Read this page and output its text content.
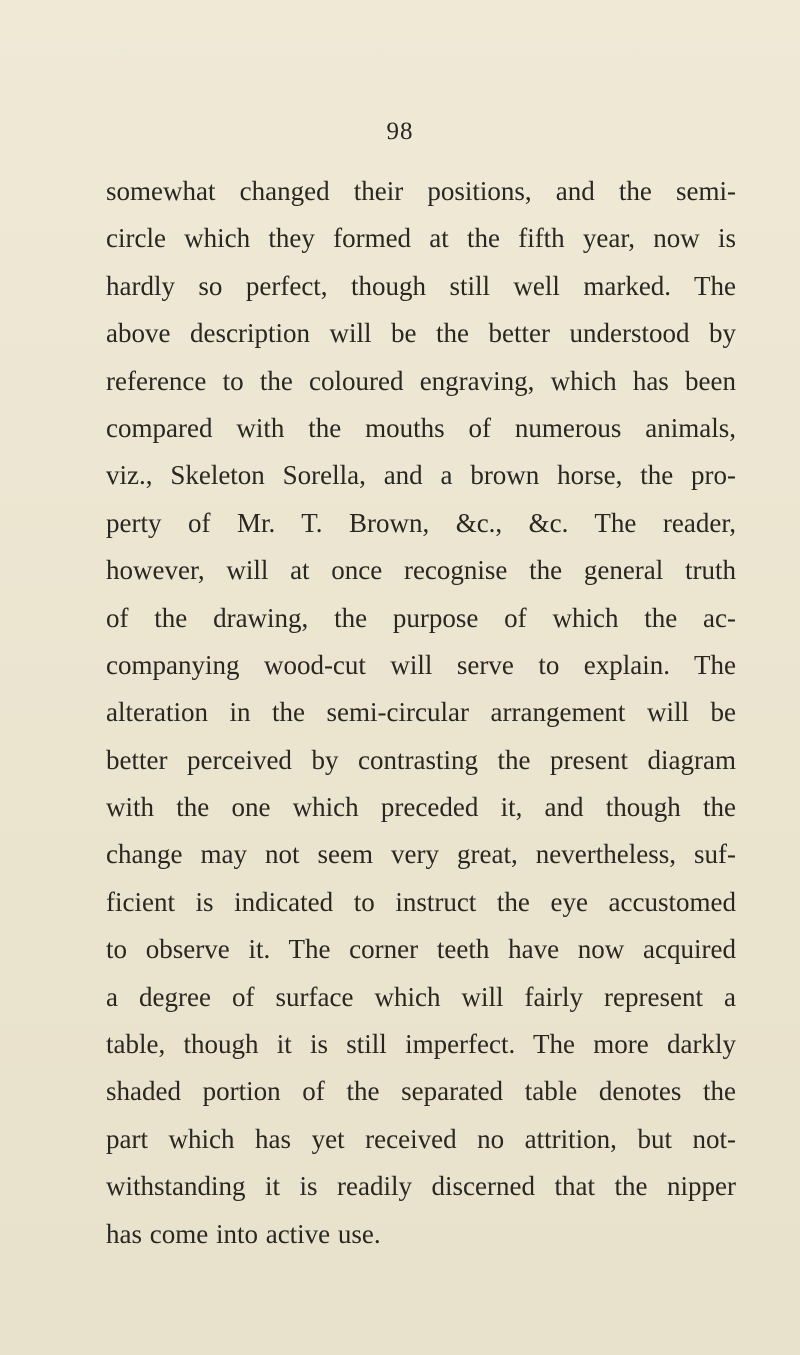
98

somewhat changed their positions, and the semi-
circle which they formed at the fifth year, now is
hardly so perfect, though still well marked. The
above description will be the better understood by
reference to the coloured engraving, which has been
compared with the mouths of numerous animals,
viz., Skeleton Sorella, and a brown horse, the pro-
perty of Mr. T. Brown, &c., &c. The reader,
however, will at once recognise the general truth
of the drawing, the purpose of which the ac-
companying wood-cut will serve to explain. The
alteration in the semi-circular arrangement will be
better perceived by contrasting the present diagram
with the one which preceded it, and though the
change may not seem very great, nevertheless, suf-
ficient is indicated to instruct the eye accustomed
to observe it. The corner teeth have now acquired
a degree of surface which will fairly represent a
table, though it is still imperfect. The more darkly
shaded portion of the separated table denotes the
part which has yet received no attrition, but not-
withstanding it is readily discerned that the nipper
has come into active use.
